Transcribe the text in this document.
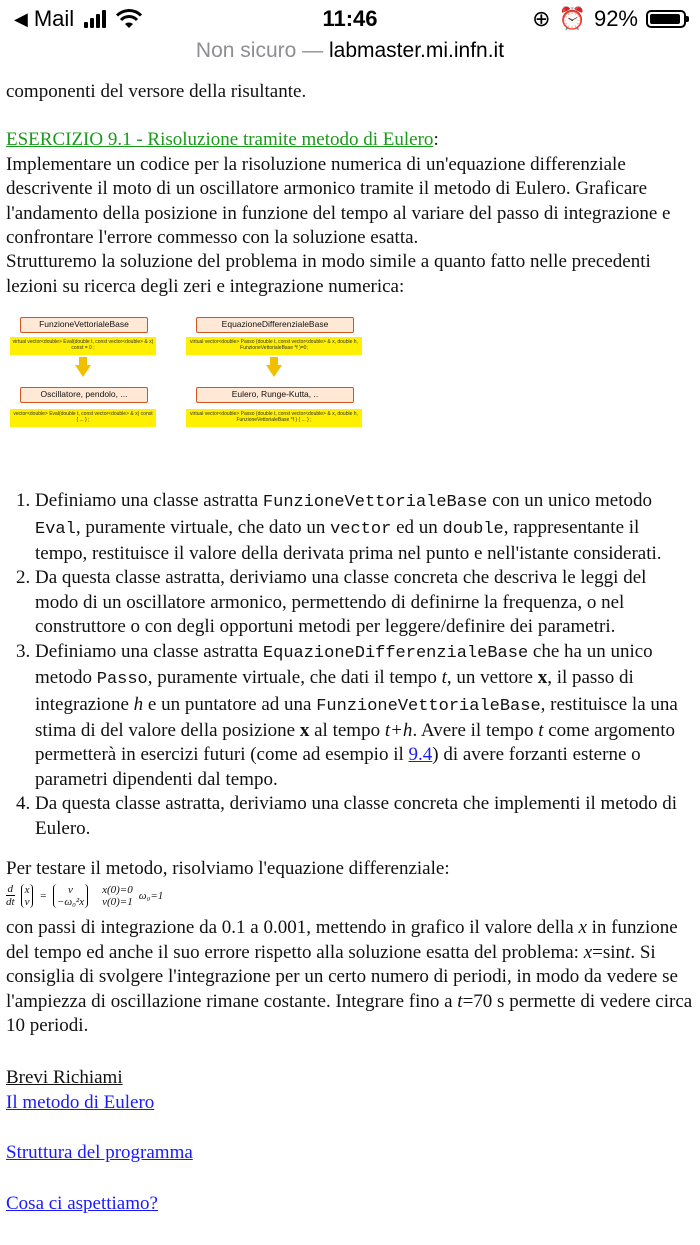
◀ Mail	11:46	⊕ ⏰ 92%
Non sicuro — labmaster.mi.infn.it

componenti del versore della risultante.

ESERCIZIO 9.1 - Risoluzione tramite metodo di Eulero:

Implementare un codice per la risoluzione numerica di un'equazione differenziale descrivente il moto di un oscillatore armonico tramite il metodo di Eulero. Graficare l'andamento della posizione in funzione del tempo al variare del passo di integrazione e confrontare l'errore commesso con la soluzione esatta.

Strutturemo la soluzione del problema in modo simile a quanto fatto nelle precedenti lezioni su ricerca degli zeri e integrazione numerica:

FunzioneVettorialeBase
virtual vector<double> Eval(double t, const vector<double> & x) const = 0 ;
Oscillatore, pendolo, ...
vector<double> Eval(double t, const vector<double> & x) const { ... } ;
EquazioneDifferenzialeBase
virtual vector<double> Passo (double t, const vector<double> & x, double h, FunzioneVettorialeBase *f )=0;
Eulero, Runge-Kutta, ..
virtual vector<double> Passo (double t, const vector<double> & x, double h, FunzioneVettorialeBase *f ) { ... } ;
1. Definiamo una classe astratta FunzioneVettorialeBase con un unico metodo Eval, puramente virtuale, che dato un vector ed un double, rappresentante il tempo, restituisce il valore della derivata prima nel punto e nell'istante considerati.
2. Da questa classe astratta, deriviamo una classe concreta che descriva le leggi del modo di un oscillatore armonico, permettendo di definirne la frequenza, o nel construttore o con degli opportuni metodi per leggere/definire dei parametri.
3. Definiamo una classe astratta EquazioneDifferenzialeBase che ha un unico metodo Passo, puramente virtuale, che dati il tempo t, un vettore x, il passo di integrazione h e un puntatore ad una FunzioneVettorialeBase, restituisce la una stima di del valore della posizione x al tempo t+h. Avere il tempo t come argomento permetterà in esercizi futuri (come ad esempio il 9.4) di avere forzanti esterne o parametri dipendenti dal tempo.
4. Da questa classe astratta, deriviamo una classe concreta che implementi il metodo di Eulero.

Per testare il metodo, risolviamo l'equazione differenziale:

d
dt
x
v =	v
−ω₀²x
x(0)=0
v(0)=1 ω₀=1

con passi di integrazione da 0.1 a 0.001, mettendo in grafico il valore della x in funzione del tempo ed anche il suo errore rispetto alla soluzione esatta del problema: x=sint. Si consiglia di svolgere l'integrazione per un certo numero di periodi, in modo da vedere se l'ampiezza di oscillazione rimane costante. Integrare fino a t=70 s permette di vedere circa 10 periodi.

Brevi Richiami

Il metodo di Eulero

Struttura del programma

Cosa ci aspettiamo?
